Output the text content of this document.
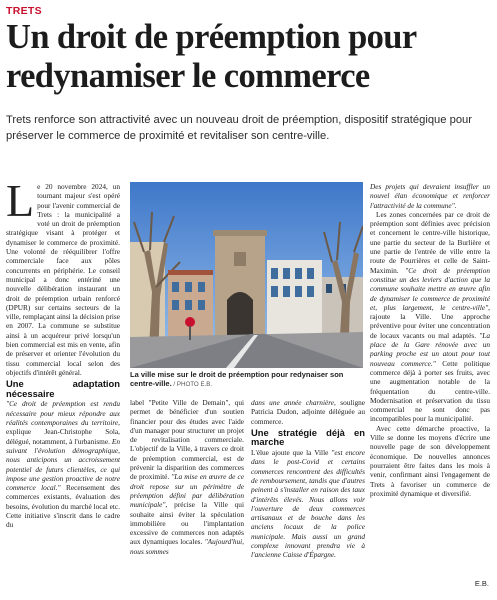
TRETS
Un droit de préemption pour redynamiser le commerce

Trets renforce son attractivité avec un nouveau droit de préemption, dispositif stratégique pour préserver le commerce de proximité et revitaliser son centre-ville.

L e 20 novembre 2024, un tournant majeur s'est opéré pour l'avenir commercial de Trets : la municipalité a voté un droit de préemption stratégique visant à protéger et dynamiser le commerce de proximité. Une volonté de rééquilibrer l'offre commerciale face aux pôles concurrents en périphérie. Le conseil municipal a donc entériné une nouvelle délibération instaurant un droit de préemption urbain renforcé (DPUR) sur certains secteurs de la ville, remplaçant ainsi la décision prise en 2007. La commune se substitue ainsi à un acquéreur privé lorsqu'un bien commercial est mis en vente, afin de préserver et orienter l'évolution du tissu commercial local selon des objectifs d'intérêt général.

Une adaptation nécessaire

"Ce droit de préemption est rendu nécessaire pour mieux répondre aux réalités contemporaines du territoire, explique Jean-Christophe Sola, délégué, notamment, à l'urbanisme. En suivant l'évolution démographique, nous anticipons un accroissement potentiel de futurs clientèles, ce qui impose une gestion proactive de notre commerce local." Recensement des commerces existants, évaluation des besoins, évolution du marché local etc. Cette initiative s'inscrit dans le cadre du

La ville mise sur le droit de préemption pour redynaiser son centre-ville. / PHOTO E.B.

label "Petite Ville de Demain", qui permet de bénéficier d'un soutien financier pour des études avec l'aide d'un manager pour structurer un projet de revitalisation commerciale. L'objectif de la Ville, à travers ce droit de préemption commercial, est de prévenir la disparition des commerces de proximité. "La mise en œuvre de ce droit repose sur un périmètre de préemption défini par délibération municipale", précise la Ville qui souhaite ainsi éviter la spéculation immobilière ou l'implantation excessive de commerces non adaptés aux dynamiques locales. "Aujourd'hui, nous sommes

dans une année charnière, souligne Patricia Dudon, adjointe déléguée au commerce.

Une stratégie déjà en marche

L'élue ajoute que la Ville "est encore dans le post-Covid et certains commerces rencontrent des difficultés de remboursement, tandis que d'autres peinent à s'installer en raison des taux d'intérêts élevés. Nous allons voir l'ouverture de deux commerces artisanaux et de bouche dans les anciens locaux de la police municipale. Mais aussi un grand complexe innovant prendra vie à l'ancienne Caisse d'Épargne.

Des projets qui devraient insuffler un nouvel élan économique et renforcer l'attractivité de la commune".

Les zones concernées par ce droit de préemption sont définies avec précision et concernent le centre-ville historique, une partie du secteur de la Burlière et une partie de l'entrée de ville entre la route de Pourrières et celle de Saint-Maximin. "Ce droit de préemption constitue un des leviers d'action que la commune souhaite mettre en œuvre afin de dynamiser le commerce de proximité et, plus largement, le centre-ville", rajoute la Ville. Une approche préventive pour éviter une concentration de locaux vacants ou mal adaptés. "La place de la Gare rénovée avec un parking proche est un atout pour tout nouveau commerce." Cette politique commerce déjà à porter ses fruits, avec une augmentation notable de la fréquentation du centre-ville. Modernisation et préservation du tissu commercial ne sont donc pas incompatibles pour la municipalité.

Avec cette démarche proactive, la Ville se donne les moyens d'écrire une nouvelle page de son développement économique. De nouvelles annonces pourraient être faites dans les mois à venir, confirmant ainsi l'engagement de Trets à favoriser un commerce de proximité dynamique et diversifié.

E.B.
